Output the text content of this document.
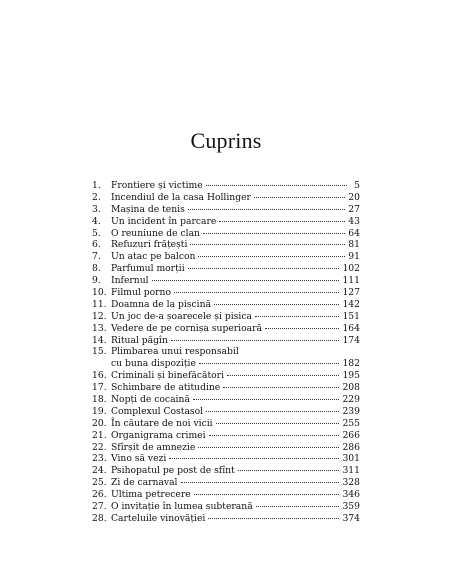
Cuprins
1.	Frontiere și victime	5
2.	Incendiul de la casa Hollinger	20
3.	Mașina de tenis	27
4.	Un incident în parcare	43
5.	O reuniune de clan	64
6.	Refuzuri frățești	81
7.	Un atac pe balcon	91
8.	Parfumul morții	102
9.	Infernul	111
10. Filmul porno	127
11. Doamna de la piscină	142
12. Un joc de-a șoarecele și pisica	151
13. Vedere de pe cornișa superioară	164
14. Ritual păgîn	174
15. Plimbarea unui responsabil
cu buna dispoziție	182
16. Criminali și binefăcători	195
17. Schimbare de atitudine	208
18. Nopți de cocaină	229
19. Complexul Costasol	239
20. În căutare de noi vicii	255
21. Organigrama crimei	266
22. Sfîrșit de amnezie	286
23. Vino să vezi	301
24. Psihopatul pe post de sfînt	311
25. Zi de carnaval	328
26. Ultima petrecere	346
27. O invitație în lumea subterană	359
28. Carteluile vinovăției	374
